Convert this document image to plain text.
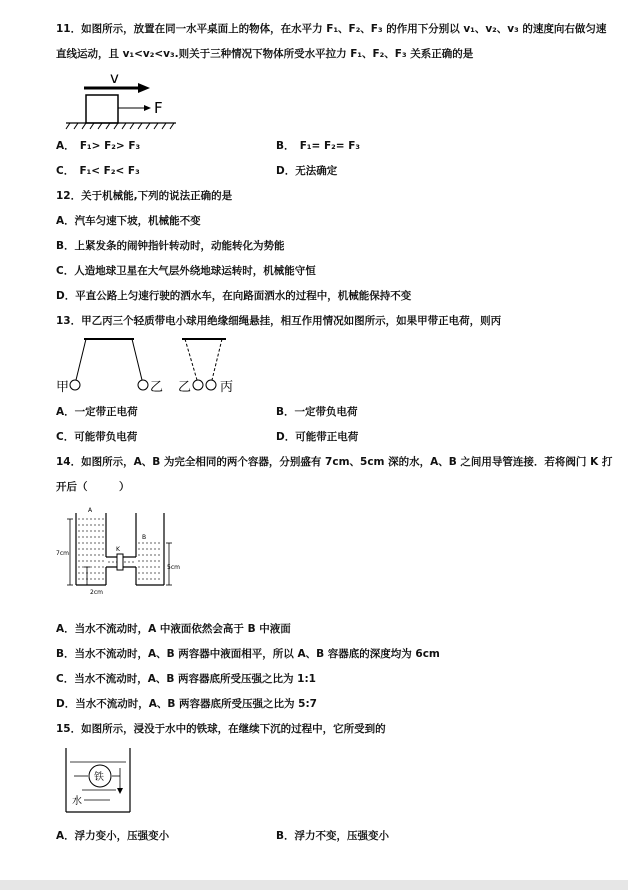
11．如图所示，放置在同一水平桌面上的物体，在水平力 F₁、F₂、F₃ 的作用下分别以 v₁、v₂、v₃ 的速度向右做匀速
直线运动，且 v₁<v₂<v₃.则关于三种情况下物体所受水平拉力 F₁、F₂、F₃ 关系正确的是
v
F
A．　F₁> F₂> F₃	B．　F₁= F₂= F₃
C．　F₁< F₂< F₃	D．无法确定
12．关于机械能,下列的说法正确的是
A．汽车匀速下坡，机械能不变
B．上紧发条的闹钟指针转动时，动能转化为势能
C．人造地球卫星在大气层外绕地球运转时，机械能守恒
D．平直公路上匀速行驶的洒水车，在向路面洒水的过程中，机械能保持不变
13．甲乙丙三个轻质带电小球用绝缘细绳悬挂，相互作用情况如图所示，如果甲带正电荷，则丙
甲	乙 乙 丙
A．一定带正电荷	B．一定带负电荷
C．可能带负电荷	D．可能带正电荷
14．如图所示，A、B 为完全相同的两个容器，分别盛有 7cm、5cm 深的水，A、B 之间用导管连接．若将阀门 K 打
开后（　　　）
A
7cm
K
B
5cm
2cm
A．当水不流动时，A 中液面依然会高于 B 中液面
B．当水不流动时，A、B 两容器中液面相平，所以 A、B 容器底的深度均为 6cm
C．当水不流动时，A、B 两容器底所受压强之比为 1:1
D．当水不流动时，A、B 两容器底所受压强之比为 5:7
15．如图所示，浸没于水中的铁球，在继续下沉的过程中，它所受到的
铁
水
A．浮力变小，压强变小	B．浮力不变，压强变小
